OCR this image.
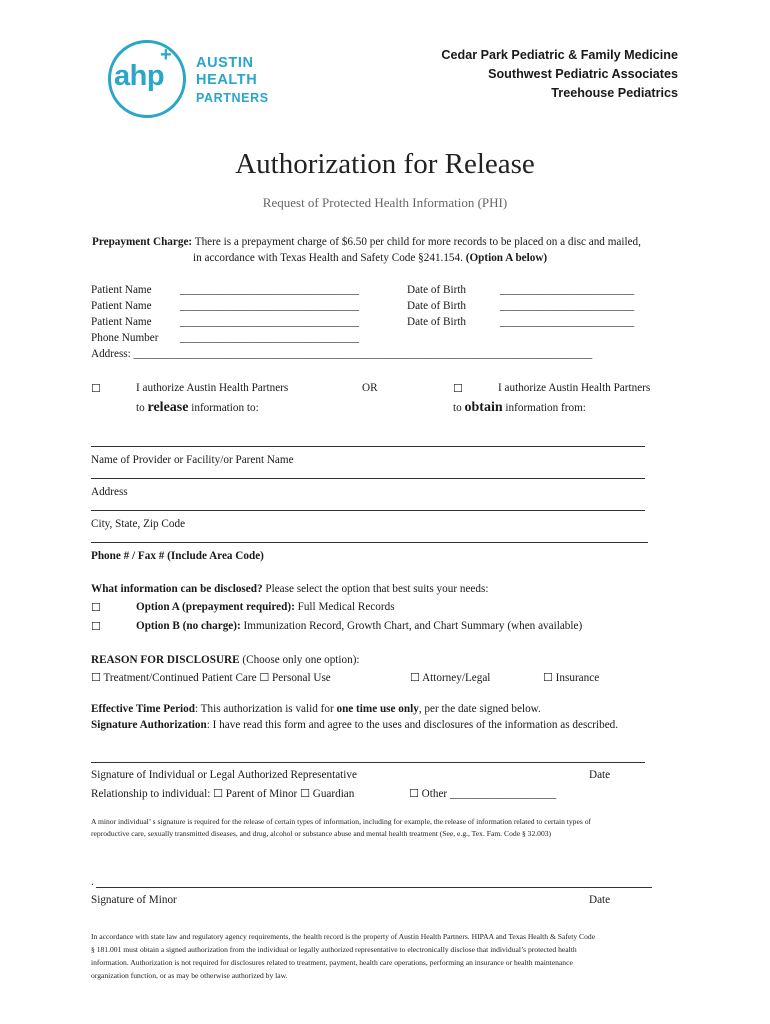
ahp
+ AUSTIN
HEALTH
PARTNERS
Cedar Park Pediatric & Family Medicine
Southwest Pediatric Associates
Treehouse Pediatrics
Authorization for Release
Request of Protected Health Information (PHI)
Prepayment Charge: There is a prepayment charge of $6.50 per child for more records to be placed on a disc and mailed,
in accordance with Texas Health and Safety Code §241.154. (Option A below)
Patient Name	________________________________	Date of Birth	________________________
Patient Name	________________________________	Date of Birth	________________________
Patient Name	________________________________	Date of Birth	________________________
Phone Number ________________________________
Address: __________________________________________________________________________________
☐	I authorize Austin Health Partners
to release information to:
OR	☐	I authorize Austin Health Partners
to obtain information from:
Name of Provider or Facility/or Parent Name
Address
City, State, Zip Code
Phone # / Fax # (Include Area Code)
What information can be disclosed? Please select the option that best suits your needs:
☐	Option A (prepayment required): Full Medical Records
☐	Option B (no charge): Immunization Record, Growth Chart, and Chart Summary (when available)
REASON FOR DISCLOSURE (Choose only one option):
☐ Treatment/Continued Patient Care ☐ Personal Use	☐ Attorney/Legal	☐ Insurance
Effective Time Period: This authorization is valid for one time use only, per the date signed below.
Signature Authorization: I have read this form and agree to the uses and disclosures of the information as described.
Signature of Individual or Legal Authorized Representative	Date
Relationship to individual: ☐ Parent of Minor ☐ Guardian	☐ Other ___________________
A minor individual’ s signature is required for the release of certain types of information, including for example, the release of information related to certain types of
reproductive care, sexually transmitted diseases, and drug, alcohol or substance abuse and mental health treatment (See, e.g., Tex. Fam. Code § 32.003)
.
Signature of Minor	Date
In accordance with state law and regulatory agency requirements, the health record is the property of Austin Health Partners. HIPAA and Texas Health & Safety Code
§ 181.001 must obtain a signed authorization from the individual or legally authorized representative to electronically disclose that individual’s protected health
information. Authorization is not required for disclosures related to treatment, payment, health care operations, performing an insurance or health maintenance
organization function, or as may be otherwise authorized by law.
